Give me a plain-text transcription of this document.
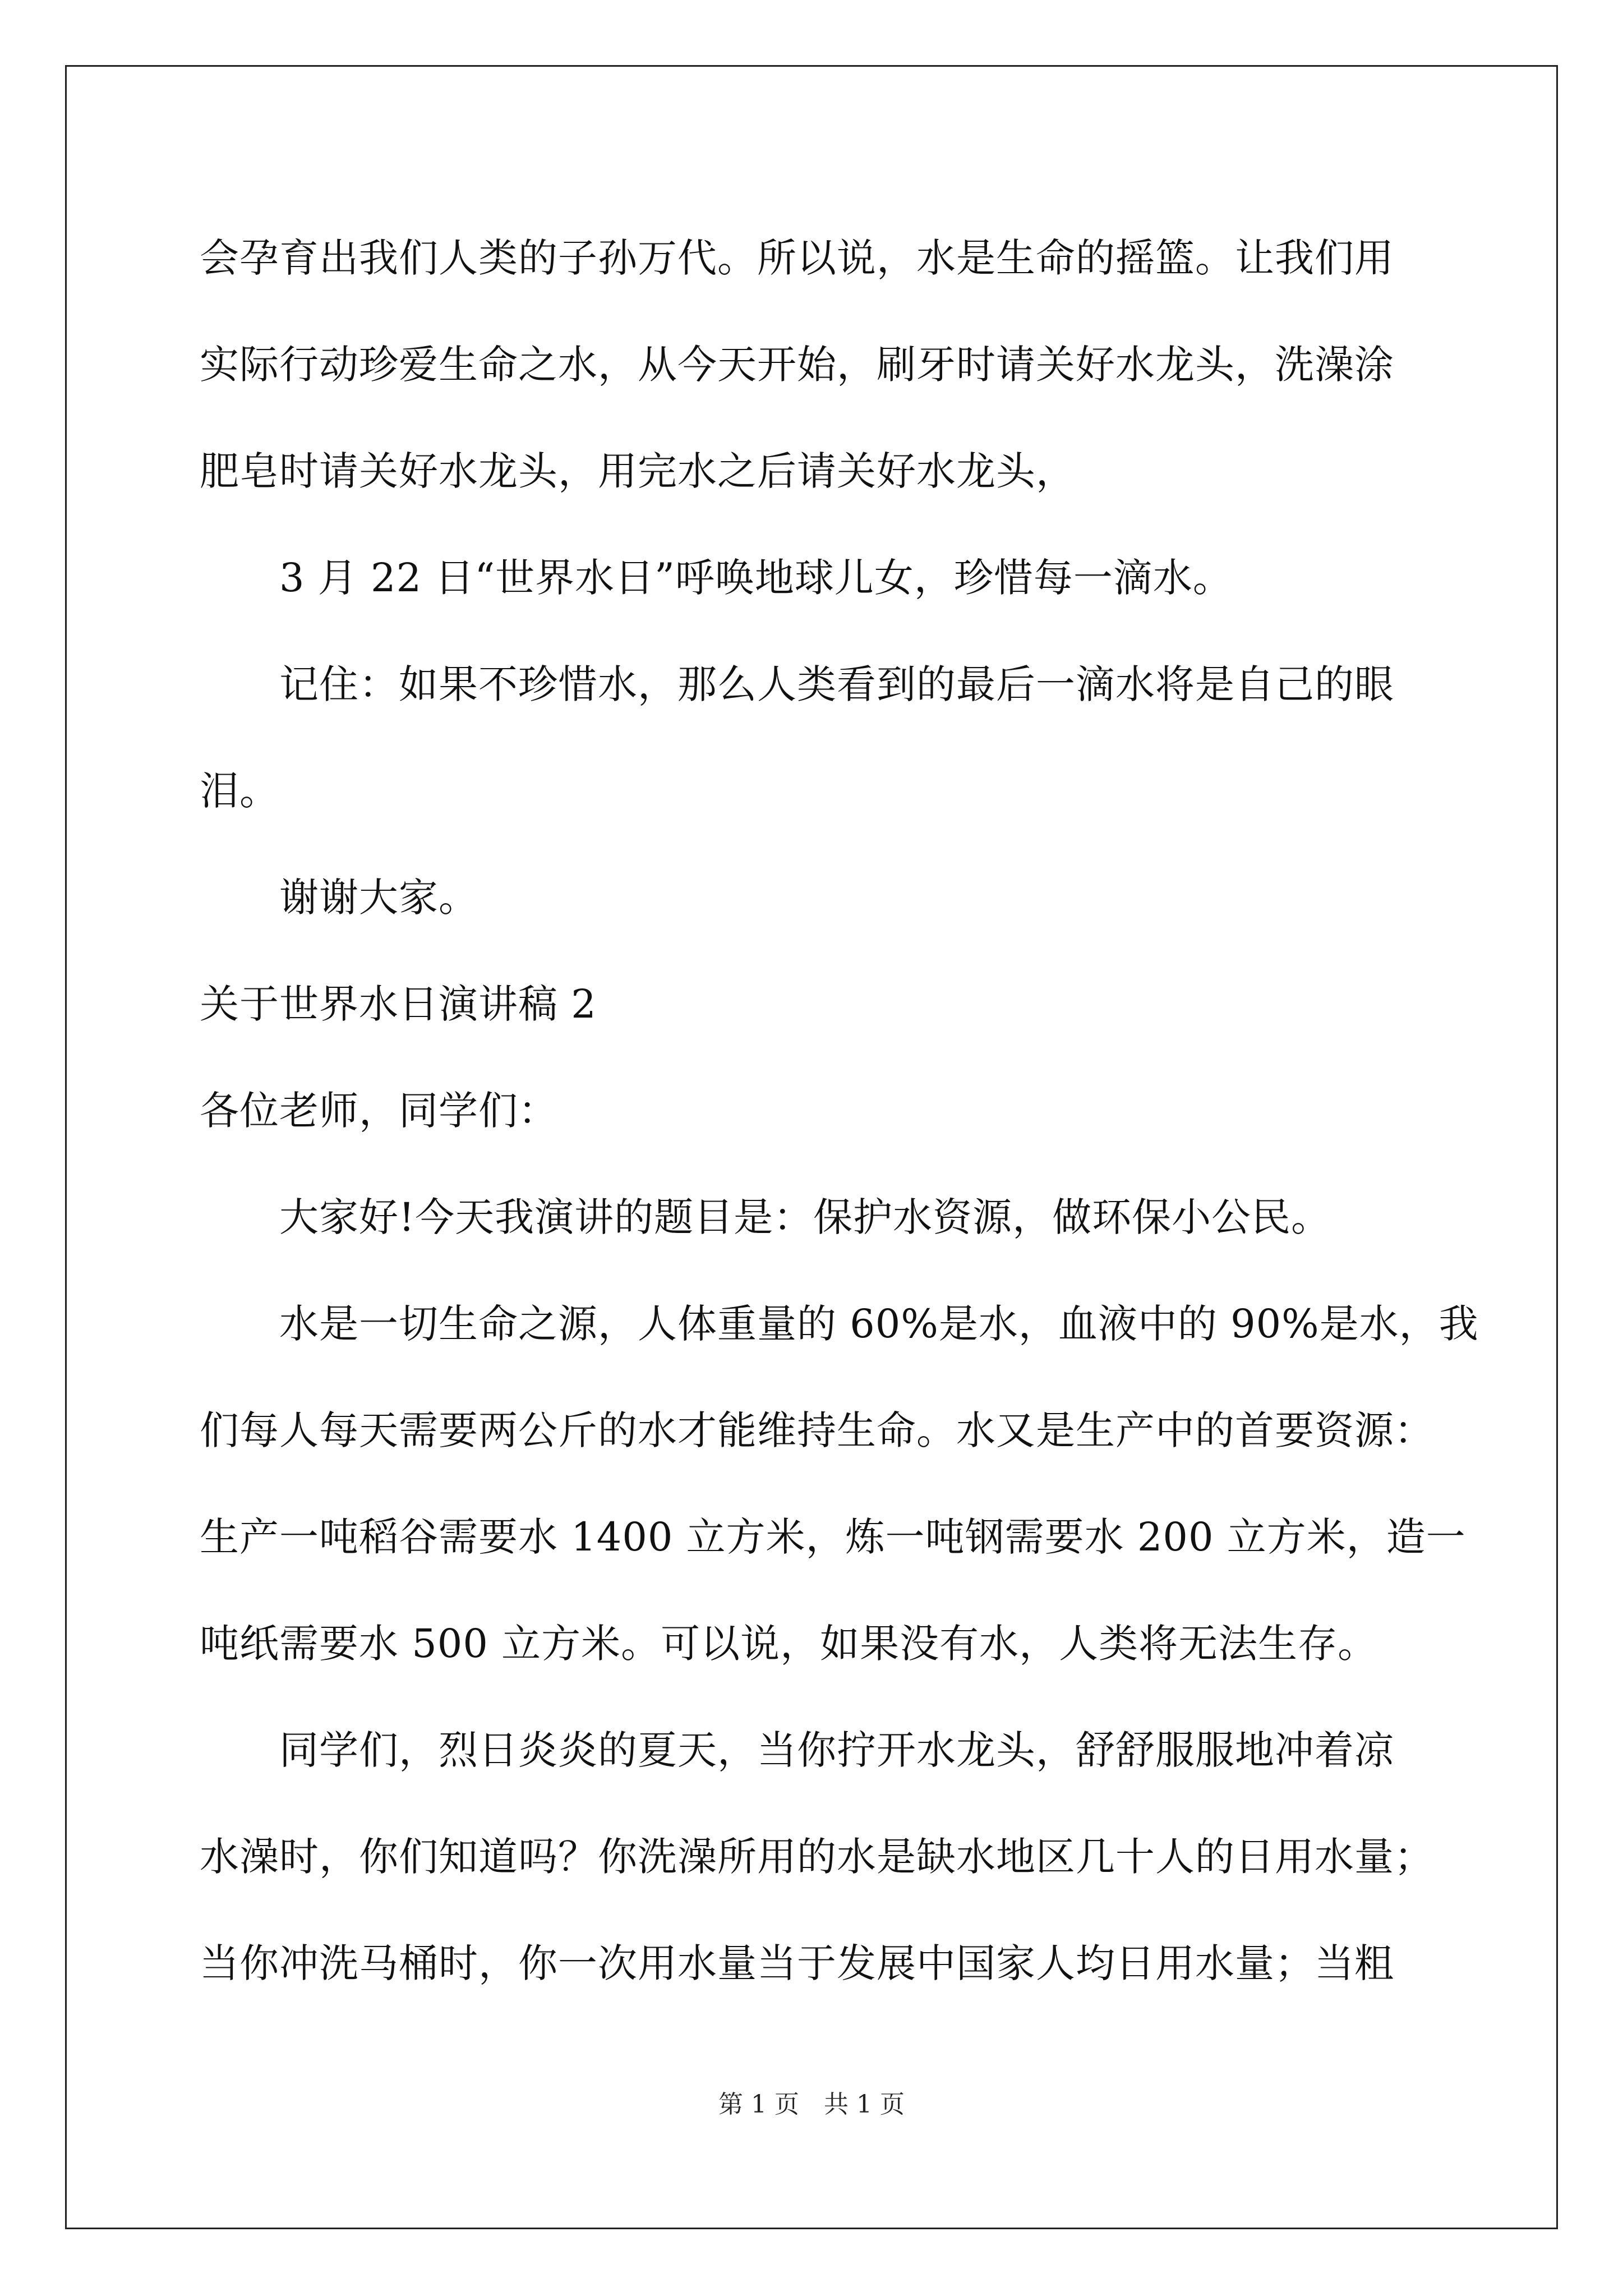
会孕育出我们人类的子孙万代。所以说，水是生命的摇篮。让我们用
实际行动珍爱生命之水，从今天开始，刷牙时请关好水龙头，洗澡涂
肥皂时请关好水龙头，用完水之后请关好水龙头，
3 月 22 日“世界水日”呼唤地球儿女，珍惜每一滴水。
记住：如果不珍惜水，那么人类看到的最后一滴水将是自己的眼
泪。
谢谢大家。
关于世界水日演讲稿 2
各位老师，同学们：
大家好!今天我演讲的题目是：保护水资源，做环保小公民。
水是一切生命之源，人体重量的 60%是水，血液中的 90%是水，我
们每人每天需要两公斤的水才能维持生命。水又是生产中的首要资源：
生产一吨稻谷需要水 1400 立方米，炼一吨钢需要水 200 立方米，造一
吨纸需要水 500 立方米。可以说，如果没有水，人类将无法生存。
同学们，烈日炎炎的夏天，当你拧开水龙头，舒舒服服地冲着凉
水澡时，你们知道吗？你洗澡所用的水是缺水地区几十人的日用水量；
当你冲洗马桶时，你一次用水量当于发展中国家人均日用水量；当粗
第 1 页　共 1 页
